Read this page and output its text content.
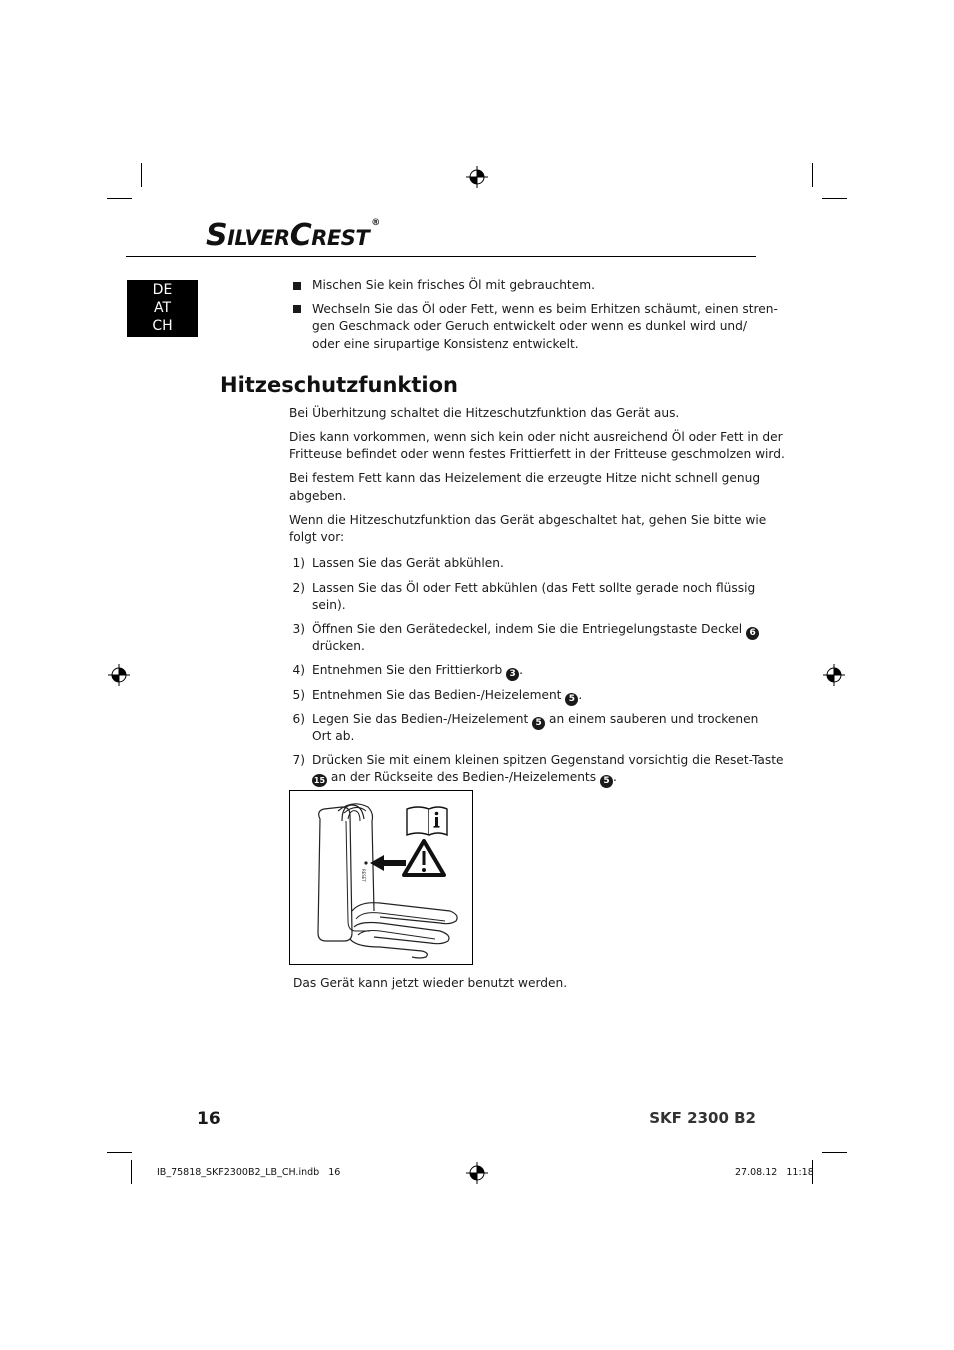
SILVERCREST®
DE
AT
CH
Mischen Sie kein frisches Öl mit gebrauchtem.
Wechseln Sie das Öl oder Fett, wenn es beim Erhitzen schäumt, einen stren-
gen Geschmack oder Geruch entwickelt oder wenn es dunkel wird und/
oder eine sirupartige Konsistenz entwickelt.
Hitzeschutzfunktion
Bei Überhitzung schaltet die Hitzeschutzfunktion das Gerät aus.
Dies kann vorkommen, wenn sich kein oder nicht ausreichend Öl oder Fett in der
Fritteuse befindet oder wenn festes Frittierfett in der Fritteuse geschmolzen wird.
Bei festem Fett kann das Heizelement die erzeugte Hitze nicht schnell genug
abgeben.
Wenn die Hitzeschutzfunktion das Gerät abgeschaltet hat, gehen Sie bitte wie
folgt vor:
1) Lassen Sie das Gerät abkühlen.
2) Lassen Sie das Öl oder Fett abkühlen (das Fett sollte gerade noch flüssig
sein).
3) Öffnen Sie den Gerätedeckel, indem Sie die Entriegelungstaste Deckel 6
drücken.
4) Entnehmen Sie den Frittierkorb 3 .
5) Entnehmen Sie das Bedien-/Heizelement 5 .
6) Legen Sie das Bedien-/Heizelement 5 an einem sauberen und trockenen
Ort ab.
7) Drücken Sie mit einem kleinen spitzen Gegenstand vorsichtig die Reset-Taste
15 an der Rückseite des Bedien-/Heizelements 5 .
RESET
Das Gerät kann jetzt wieder benutzt werden.
16	SKF 2300 B2
IB_75818_SKF2300B2_LB_CH.indb   16	27.08.12   11:18
